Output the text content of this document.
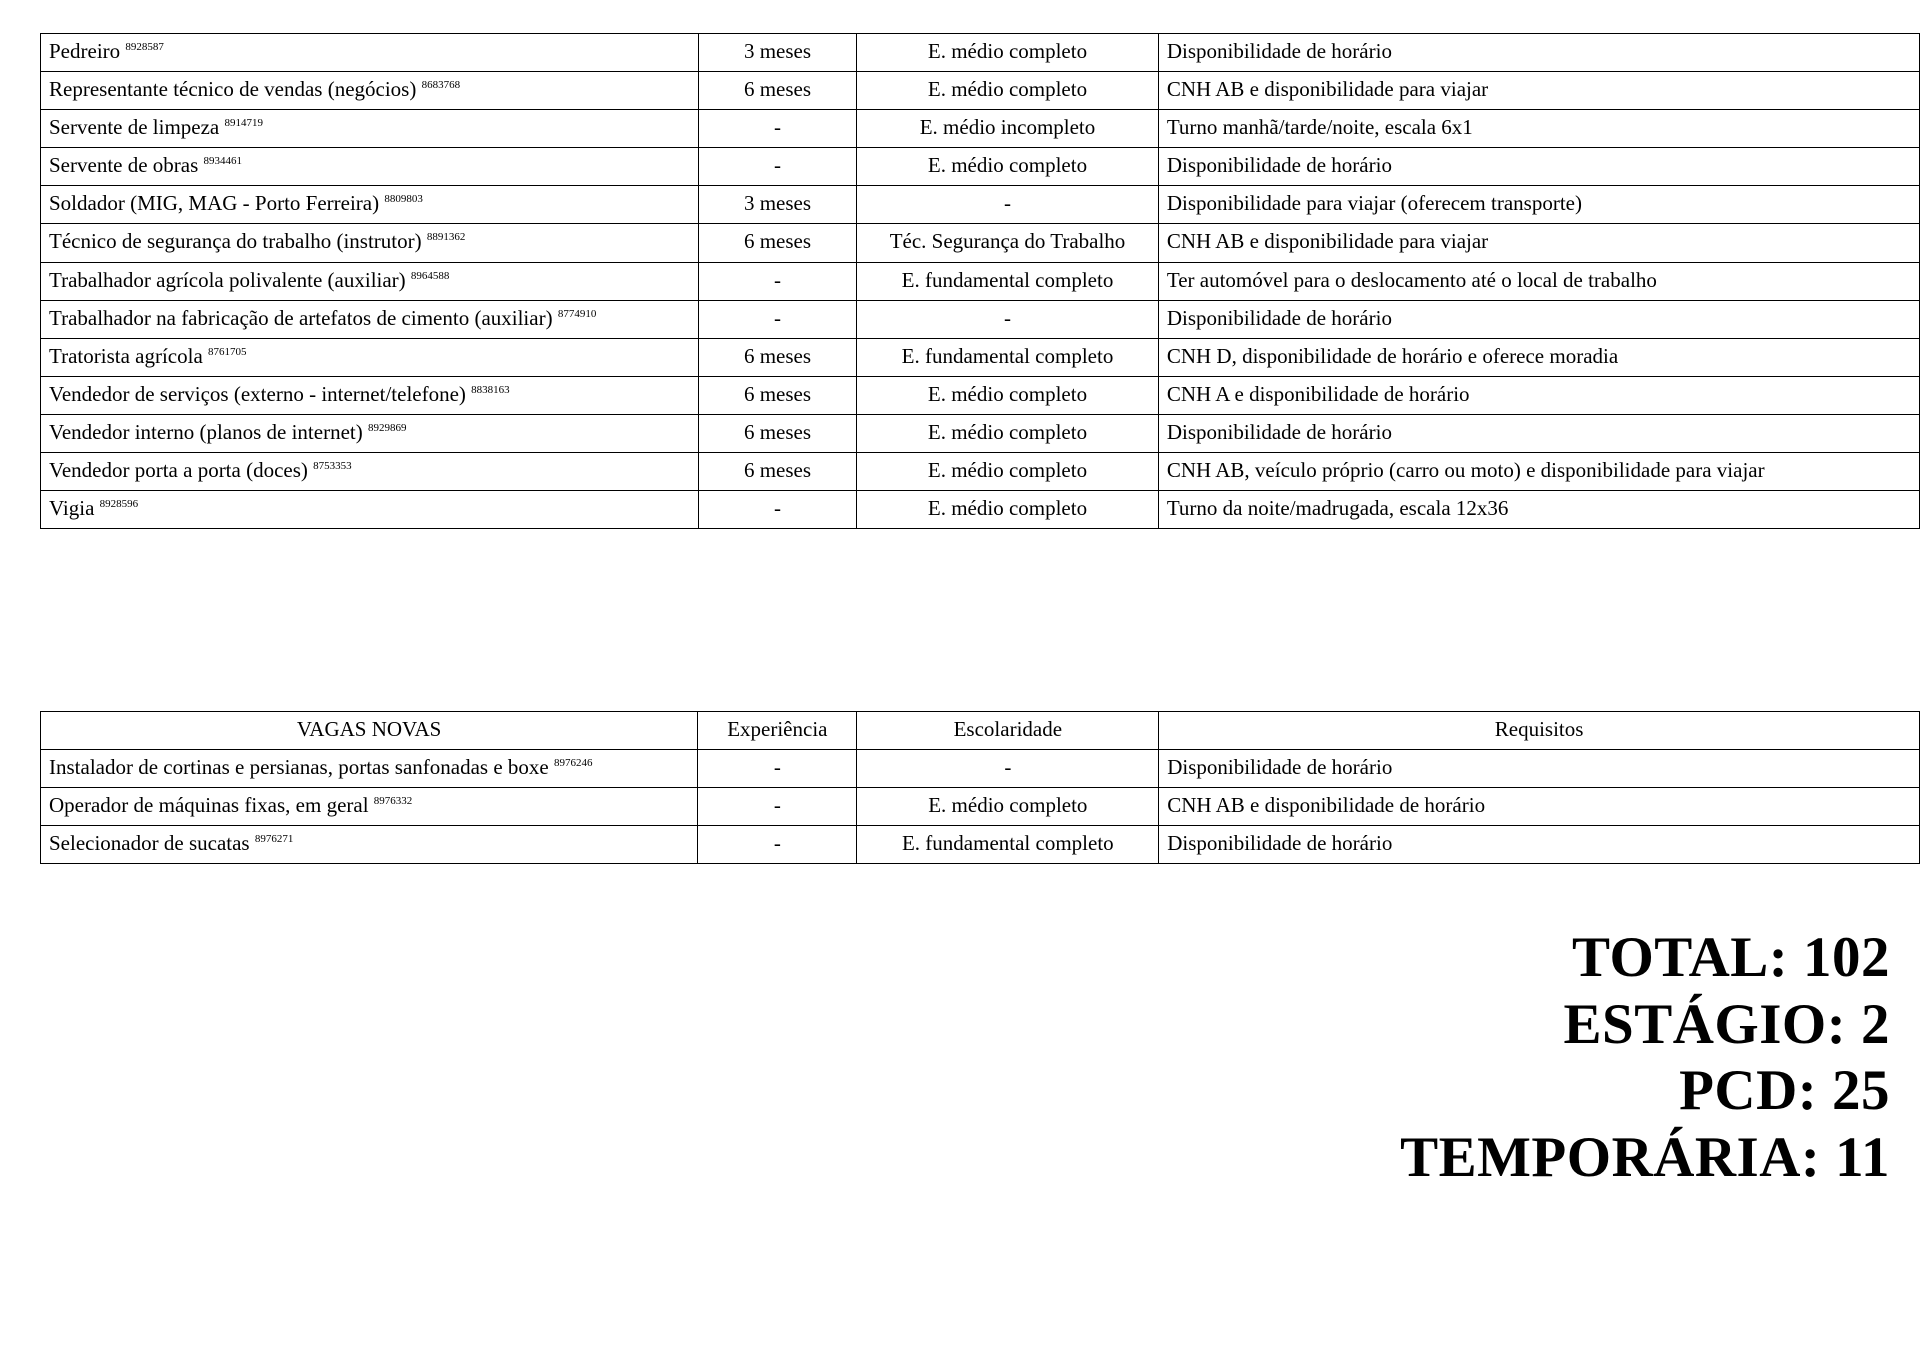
Pedreiro $^{8928587}$	3 meses	E. médio completo	Disponibilidade de horário
Representante técnico de vendas (negócios) $^{8683768}$	6 meses	E. médio completo	CNH AB e disponibilidade para viajar
Servente de limpeza $^{8914719}$	-	E. médio incompleto	Turno manhã/tarde/noite, escala 6x1
Servente de obras $^{8934461}$	-	E. médio completo	Disponibilidade de horário
Soldador (MIG, MAG - Porto Ferreira) $^{8809803}$	3 meses	-	Disponibilidade para viajar (oferecem transporte)
Técnico de segurança do trabalho (instrutor) $^{8891362}$	6 meses	Téc. Segurança do Trabalho	CNH AB e disponibilidade para viajar
Trabalhador agrícola polivalente (auxiliar) $^{8964588}$	-	E. fundamental completo	Ter automóvel para o deslocamento até o local de trabalho
Trabalhador na fabricação de artefatos de cimento (auxiliar) $^{8774910}$	-	-	Disponibilidade de horário
Tratorista agrícola $^{8761705}$	6 meses	E. fundamental completo	CNH D, disponibilidade de horário e oferece moradia
Vendedor de serviços (externo - internet/telefone) $^{8838163}$	6 meses	E. médio completo	CNH A e disponibilidade de horário
Vendedor interno (planos de internet) $^{8929869}$	6 meses	E. médio completo	Disponibilidade de horário
Vendedor porta a porta (doces) $^{8753353}$	6 meses	E. médio completo	CNH AB, veículo próprio (carro ou moto) e disponibilidade para viajar
Vigia $^{8928596}$	-	E. médio completo	Turno da noite/madrugada, escala 12x36
VAGAS NOVAS	Experiência	Escolaridade	Requisitos
Instalador de cortinas e persianas, portas sanfonadas e boxe $^{8976246}$	-	-	Disponibilidade de horário
Operador de máquinas fixas, em geral $^{8976332}$	-	E. médio completo	CNH AB e disponibilidade de horário
Selecionador de sucatas $^{8976271}$	-	E. fundamental completo	Disponibilidade de horário
TOTAL: 102
ESTÁGIO: 2
PCD: 25
TEMPORÁRIA: 11
